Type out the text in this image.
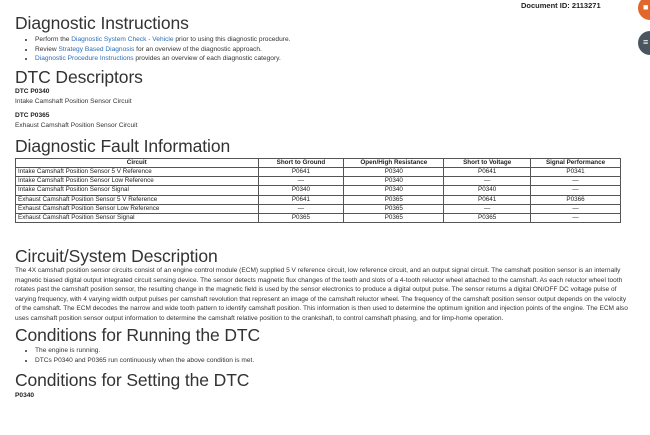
Document ID: 2113271	■
≡
Diagnostic Instructions
• Perform the Diagnostic System Check - Vehicle prior to using this diagnostic procedure.
• Review Strategy Based Diagnosis for an overview of the diagnostic approach.
• Diagnostic Procedure Instructions provides an overview of each diagnostic category.
DTC Descriptors
DTC P0340
Intake Camshaft Position Sensor Circuit
DTC P0365
Exhaust Camshaft Position Sensor Circuit
Diagnostic Fault Information
Circuit	Short to Ground	Open/High Resistance	Short to Voltage	Signal Performance
Intake Camshaft Position Sensor 5 V Reference	P0641	P0340	P0641	P0341
Intake Camshaft Position Sensor Low Reference	—	P0340	—	—
Intake Camshaft Position Sensor Signal	P0340	P0340	P0340	—
Exhaust Camshaft Position Sensor 5 V Reference	P0641	P0365	P0641	P0366
Exhaust Camshaft Position Sensor Low Reference	—	P0365	—	—
Exhaust Camshaft Position Sensor Signal	P0365	P0365	P0365	—
Circuit/System Description

The 4X camshaft position sensor circuits consist of an engine control module (ECM) supplied 5 V reference circuit, low reference circuit, and an output signal circuit. The camshaft position sensor is an internally magnetic biased digital output integrated circuit sensing device. The sensor detects magnetic flux changes of the teeth and slots of a 4-tooth reluctor wheel attached to the camshaft. As each reluctor wheel tooth rotates past the camshaft position sensor, the resulting change in the magnetic field is used by the sensor electronics to produce a digital output pulse. The sensor returns a digital ON/OFF DC voltage pulse of varying frequency, with 4 varying width output pulses per camshaft revolution that represent an image of the camshaft reluctor wheel. The frequency of the camshaft position sensor output depends on the velocity of the camshaft. The ECM decodes the narrow and wide tooth pattern to identify camshaft position. This information is then used to determine the optimum ignition and injection points of the engine. The ECM also uses camshaft position sensor output information to determine the camshaft relative position to the crankshaft, to control camshaft phasing, and for limp-home operation.

Conditions for Running the DTC
• The engine is running.
• DTCs P0340 and P0365 run continuously when the above condition is met.
Conditions for Setting the DTC
P0340
